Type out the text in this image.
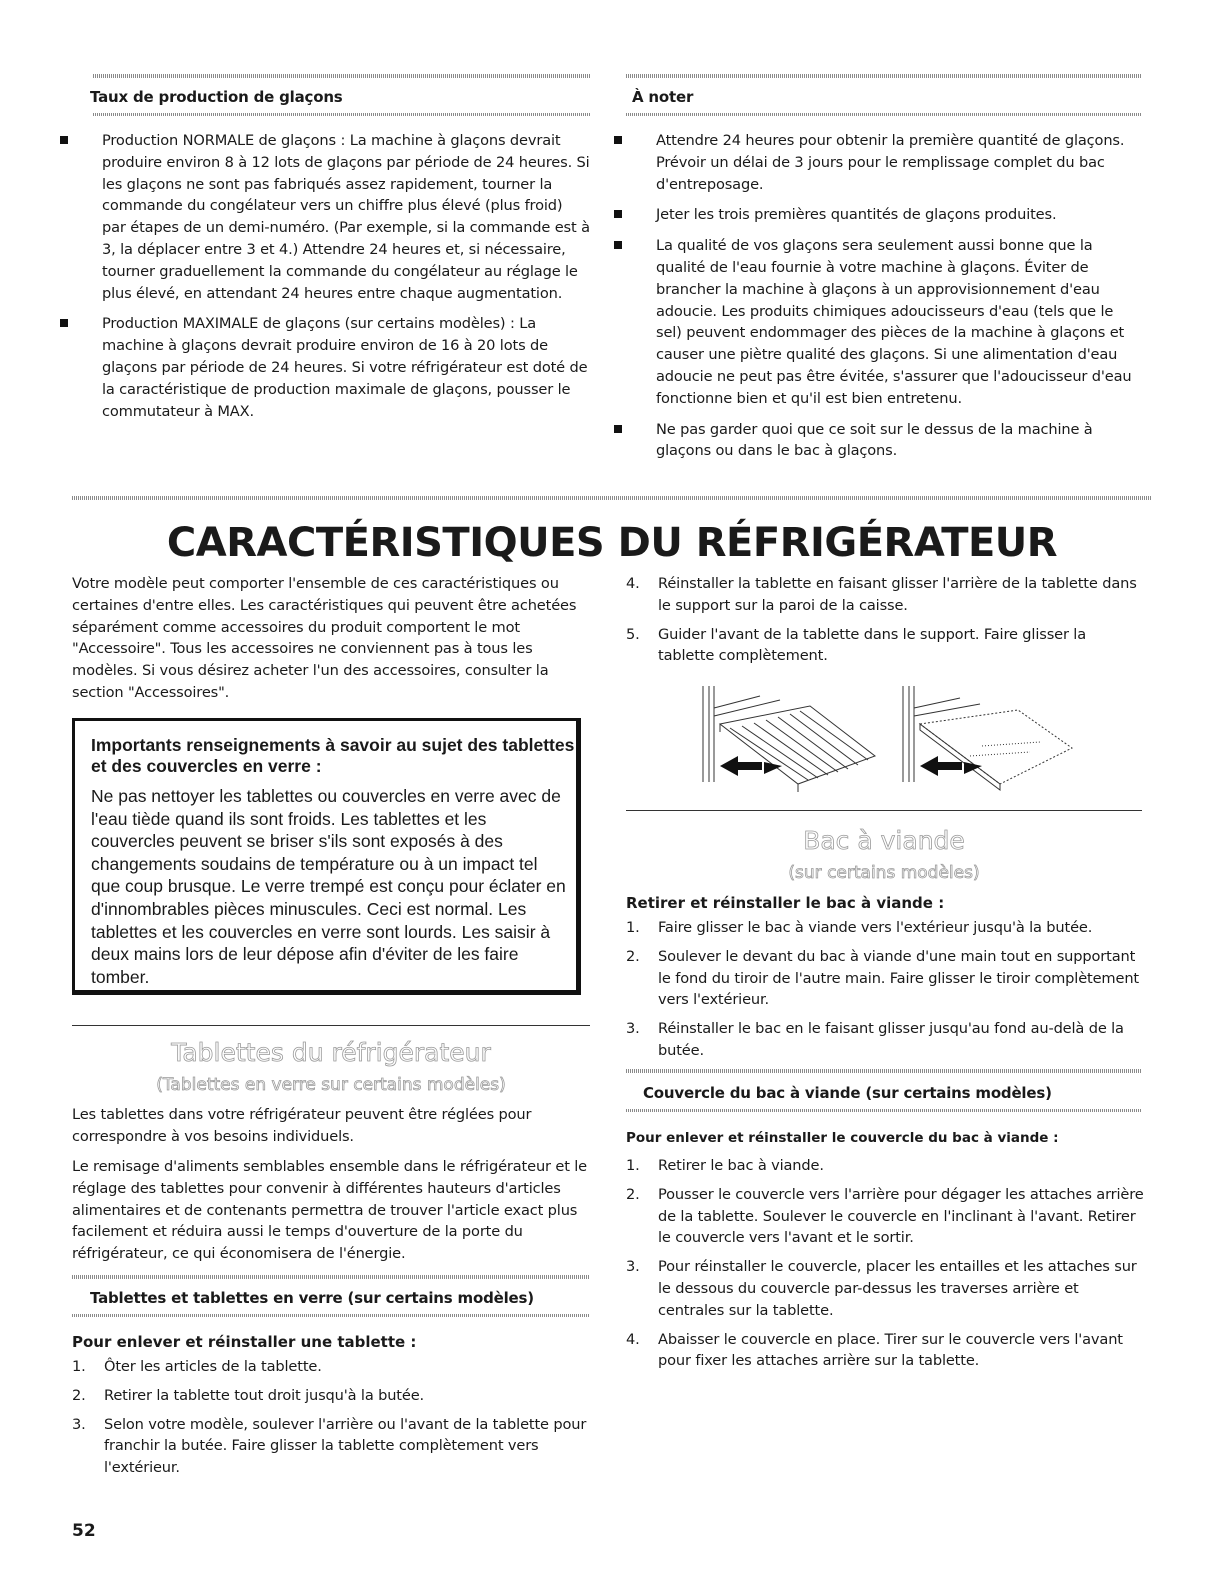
Taux de production de glaçons
Production NORMALE de glaçons : La machine à glaçons devrait produire environ 8 à 12 lots de glaçons par période de 24 heures. Si les glaçons ne sont pas fabriqués assez rapidement, tourner la commande du congélateur vers un chiffre plus élevé (plus froid) par étapes de un demi-numéro. (Par exemple, si la commande est à 3, la déplacer entre 3 et 4.) Attendre 24 heures et, si nécessaire, tourner graduellement la commande du congélateur au réglage le plus élevé, en attendant 24 heures entre chaque augmentation.
Production MAXIMALE de glaçons (sur certains modèles) : La machine à glaçons devrait produire environ de 16 à 20 lots de glaçons par période de 24 heures. Si votre réfrigérateur est doté de la caractéristique de production maximale de glaçons, pousser le commutateur à MAX.
À noter
Attendre 24 heures pour obtenir la première quantité de glaçons. Prévoir un délai de 3 jours pour le remplissage complet du bac d'entreposage.
Jeter les trois premières quantités de glaçons produites.
La qualité de vos glaçons sera seulement aussi bonne que la qualité de l'eau fournie à votre machine à glaçons. Éviter de brancher la machine à glaçons à un approvisionnement d'eau adoucie. Les produits chimiques adoucisseurs d'eau (tels que le sel) peuvent endommager des pièces de la machine à glaçons et causer une piètre qualité des glaçons. Si une alimentation d'eau adoucie ne peut pas être évitée, s'assurer que l'adoucisseur d'eau fonctionne bien et qu'il est bien entretenu.
Ne pas garder quoi que ce soit sur le dessus de la machine à glaçons ou dans le bac à glaçons.
CARACTÉRISTIQUES DU RÉFRIGÉRATEUR
Votre modèle peut comporter l'ensemble de ces caractéristiques ou certaines d'entre elles. Les caractéristiques qui peuvent être achetées séparément comme accessoires du produit comportent le mot "Accessoire". Tous les accessoires ne conviennent pas à tous les modèles. Si vous désirez acheter l'un des accessoires, consulter la section "Accessoires".
Importants renseignements à savoir au sujet des tablettes et des couvercles en verre :
Ne pas nettoyer les tablettes ou couvercles en verre avec de l'eau tiède quand ils sont froids. Les tablettes et les couvercles peuvent se briser s'ils sont exposés à des changements soudains de température ou à un impact tel que coup brusque. Le verre trempé est conçu pour éclater en d'innombrables pièces minuscules. Ceci est normal. Les tablettes et les couvercles en verre sont lourds. Les saisir à deux mains lors de leur dépose afin d'éviter de les faire tomber.
Tablettes du réfrigérateur
(Tablettes en verre sur certains modèles)
Les tablettes dans votre réfrigérateur peuvent être réglées pour correspondre à vos besoins individuels.
Le remisage d'aliments semblables ensemble dans le réfrigérateur et le réglage des tablettes pour convenir à différentes hauteurs d'articles alimentaires et de contenants permettra de trouver l'article exact plus facilement et réduira aussi le temps d'ouverture de la porte du réfrigérateur, ce qui économisera de l'énergie.
Tablettes et tablettes en verre (sur certains modèles)
Pour enlever et réinstaller une tablette :
1. Ôter les articles de la tablette.
2. Retirer la tablette tout droit jusqu'à la butée.
3. Selon votre modèle, soulever l'arrière ou l'avant de la tablette pour franchir la butée. Faire glisser la tablette complètement vers l'extérieur.
4. Réinstaller la tablette en faisant glisser l'arrière de la tablette dans le support sur la paroi de la caisse.
5. Guider l'avant de la tablette dans le support. Faire glisser la tablette complètement.
Bac à viande
(sur certains modèles)
Retirer et réinstaller le bac à viande :
1. Faire glisser le bac à viande vers l'extérieur jusqu'à la butée.
2. Soulever le devant du bac à viande d'une main tout en supportant le fond du tiroir de l'autre main. Faire glisser le tiroir complètement vers l'extérieur.
3. Réinstaller le bac en le faisant glisser jusqu'au fond au-delà de la butée.
Couvercle du bac à viande (sur certains modèles)
Pour enlever et réinstaller le couvercle du bac à viande :
1. Retirer le bac à viande.
2. Pousser le couvercle vers l'arrière pour dégager les attaches arrière de la tablette. Soulever le couvercle en l'inclinant à l'avant. Retirer le couvercle vers l'avant et le sortir.
3. Pour réinstaller le couvercle, placer les entailles et les attaches sur le dessous du couvercle par-dessus les traverses arrière et centrales sur la tablette.
4. Abaisser le couvercle en place. Tirer sur le couvercle vers l'avant pour fixer les attaches arrière sur la tablette.
52
